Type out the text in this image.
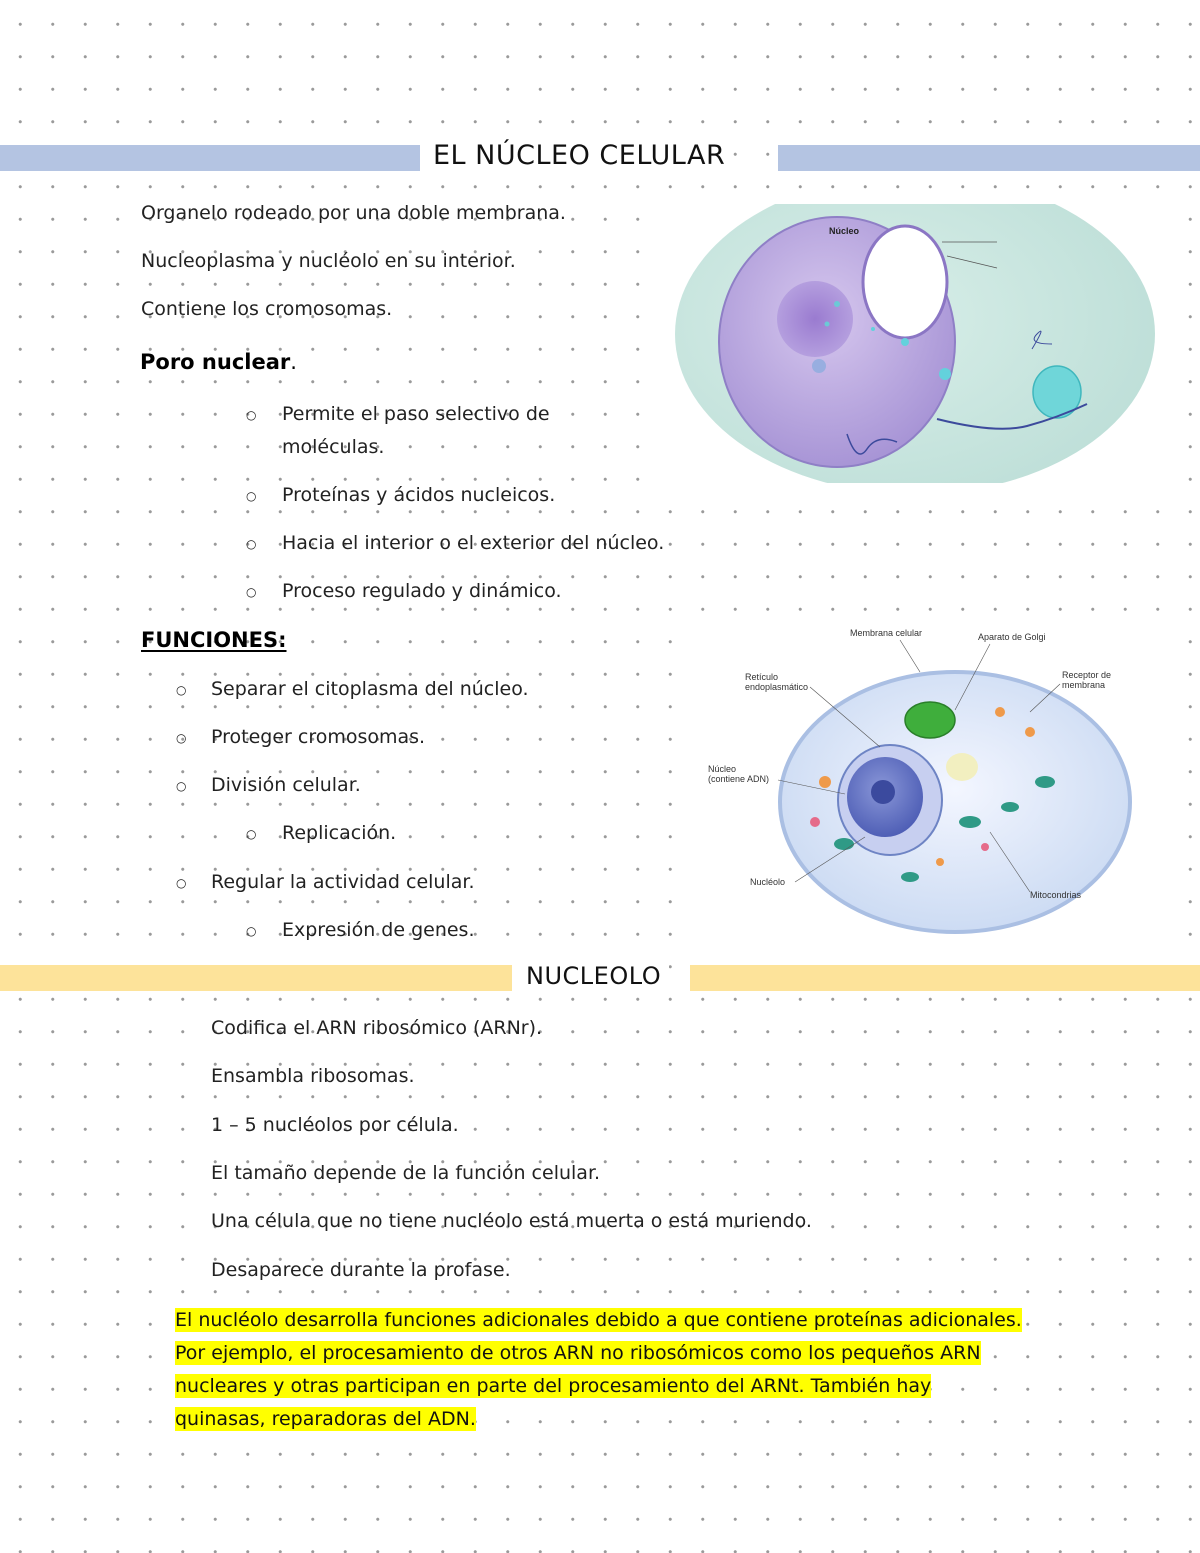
EL NÚCLEO CELULAR
Organelo rodeado por una doble membrana.
Nucleoplasma y nucléolo en su interior.
Contiene los cromosomas.
Poro nuclear.
○ Permite el paso selectivo de
moléculas.
○ Proteínas y ácidos nucleicos.
○ Hacia el interior o el exterior del núcleo.
○ Proceso regulado y dinámico.
FUNCIONES:
○ Separar el citoplasma del núcleo.
○ Proteger cromosomas.
○ División celular.
○ Replicación.
○ Regular la actividad celular.
○ Expresión de genes.
NUCLEOLO
Codifica el ARN ribosómico (ARNr).
Ensambla ribosomas.
1 – 5 nucléolos por célula.
El tamaño depende de la función celular.
Una célula que no tiene nucléolo está muerta o está muriendo.
Desaparece durante la profase.
El nucléolo desarrolla funciones adicionales debido a que contiene proteínas adicionales.
Por ejemplo, el procesamiento de otros ARN no ribosómicos como los pequeños ARN
nucleares y otras participan en parte del procesamiento del ARNt. También hay
quinasas, reparadoras del ADN.
Núcleo
Membrana celular	Aparato de Golgi
Retículo
endoplasmático
Receptor de
membrana
Núcleo
(contiene ADN)
Nucléolo
Mitocondrias
